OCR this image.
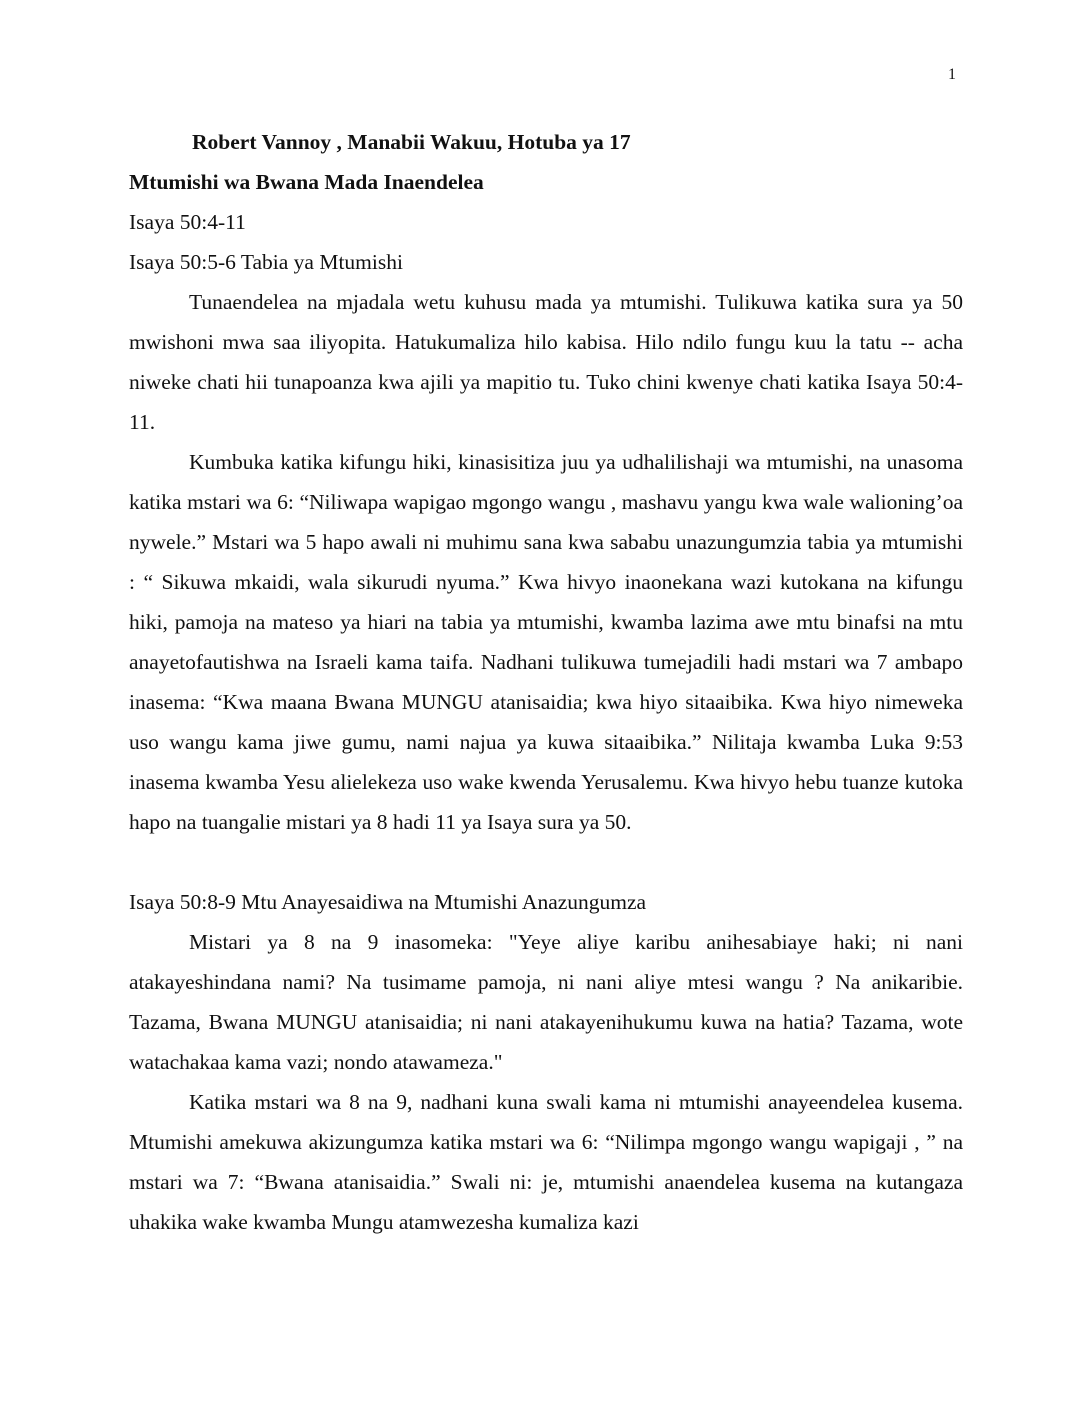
1

Robert Vannoy , Manabii Wakuu, Hotuba ya 17

Mtumishi wa Bwana Mada Inaendelea

Isaya 50:4-11

Isaya 50:5-6 Tabia ya Mtumishi

Tunaendelea na mjadala wetu kuhusu mada ya mtumishi. Tulikuwa katika sura ya 50 mwishoni mwa saa iliyopita. Hatukumaliza hilo kabisa. Hilo ndilo fungu kuu la tatu -- acha niweke chati hii tunapoanza kwa ajili ya mapitio tu. Tuko chini kwenye chati katika Isaya 50:4-11.

Kumbuka katika kifungu hiki, kinasisitiza juu ya udhalilishaji wa mtumishi, na unasoma katika mstari wa 6: “Niliwapa wapigao mgongo wangu , mashavu yangu kwa wale walioning’oa nywele.” Mstari wa 5 hapo awali ni muhimu sana kwa sababu unazungumzia tabia ya mtumishi : “ Sikuwa mkaidi, wala sikurudi nyuma.” Kwa hivyo inaonekana wazi kutokana na kifungu hiki, pamoja na mateso ya hiari na tabia ya mtumishi, kwamba lazima awe mtu binafsi na mtu anayetofautishwa na Israeli kama taifa. Nadhani tulikuwa tumejadili hadi mstari wa 7 ambapo inasema: “Kwa maana Bwana MUNGU atanisaidia; kwa hiyo sitaaibika. Kwa hiyo nimeweka uso wangu kama jiwe gumu, nami najua ya kuwa sitaaibika.” Nilitaja kwamba Luka 9:53 inasema kwamba Yesu alielekeza uso wake kwenda Yerusalemu. Kwa hivyo hebu tuanze kutoka hapo na tuangalie mistari ya 8 hadi 11 ya Isaya sura ya 50.

Isaya 50:8-9 Mtu Anayesaidiwa na Mtumishi Anazungumza

Mistari ya 8 na 9 inasomeka: "Yeye aliye karibu anihesabiaye haki; ni nani atakayeshindana nami? Na tusimame pamoja, ni nani aliye mtesi wangu ? Na anikaribie. Tazama, Bwana MUNGU atanisaidia; ni nani atakayenihukumu kuwa na hatia? Tazama, wote watachakaa kama vazi; nondo atawameza."

Katika mstari wa 8 na 9, nadhani kuna swali kama ni mtumishi anayeendelea kusema. Mtumishi amekuwa akizungumza katika mstari wa 6: “Nilimpa mgongo wangu wapigaji , ” na mstari wa 7: “Bwana atanisaidia.” Swali ni: je, mtumishi anaendelea kusema na kutangaza uhakika wake kwamba Mungu atamwezesha kumaliza kazi
